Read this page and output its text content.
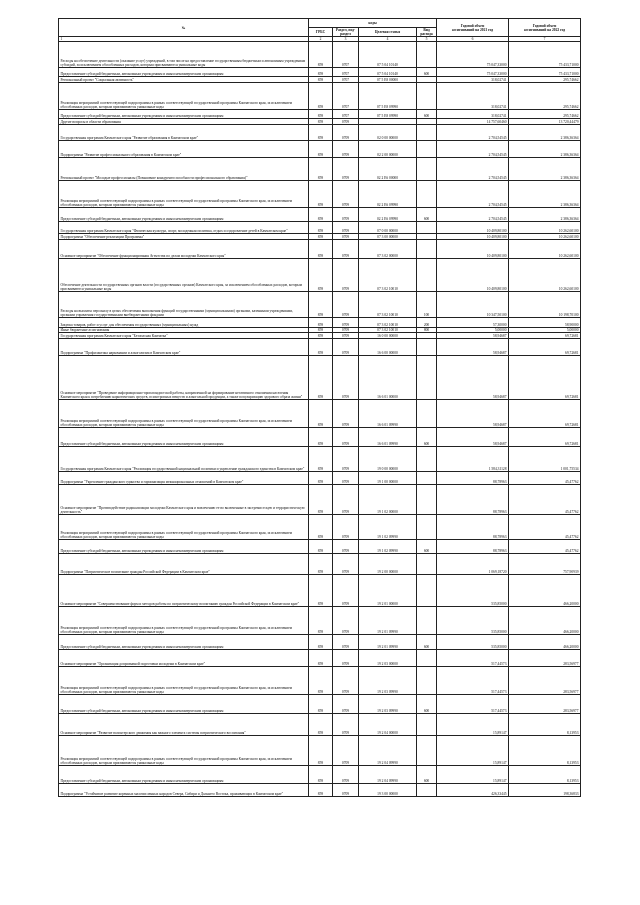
№	коды				Годовой объем
ассигнований на 2021 год	Годовой объем
ассигнований на 2022 год
	ГРБС	Раздел, под-
раздел	Целевая статья	Вид
расхода		
1	2	3	4	5	6	7
Расходы на обеспечение деятельности (оказание услуг) учреждений, в том числе на предоставление государственным бюджетным и автономным учреждениям субсидий, за исключением обособленных расходов, которым присваиваются уникальные коды	859	0707	07 5 04 10140		75 047,33000	75 433,71000
Предоставление субсидий бюджетным, автономным учреждениям и иным некоммерческим организациям	859	0707	07 5 04 10140	600	75 047,33000	75 433,71000
Региональный проект "Социальная активность"	859	0707	07 5 E8 00000		318,02741	295,74662
Реализация мероприятий соответствующей подпрограммы в рамках соответствующей государственной программы Камчатского края, за исключением обособленных расходов, которым присваиваются уникальные коды	859	0707	07 5 E8 09990		318,02741	295,74662
Предоставление субсидий бюджетным, автономным учреждениям и иным некоммерческим организациям	859	0707	07 5 E8 09990	600	318,02741	295,74662
Другие вопросы в области образования	859	0709			14 757,60460	13 720,44479
Государственная программа Камчатского края "Развитие образования в Камчатском крае"	859	0709	02 0 00 00000		2 704,54545	2 386,36364
Подпрограмма "Развитие профессионального образования в Камчатском крае"	859	0709	02 2 00 00000		2 704,54545	2 386,36364
Региональный проект "Молодые профессионалы (Повышение конкурентоспособности профессионального образования)"	859	0709	02 2 E6 00000		2 704,54545	2 386,36364
Реализация мероприятий соответствующей подпрограммы в рамках соответствующей государственной программы Камчатского края, за исключением обособленных расходов, которым присваиваются уникальные коды	859	0709	02 2 E6 09990		2 704,54545	2 386,36364
Предоставление субсидий бюджетным, автономным учреждениям и иным некоммерческим организациям	859	0709	02 2 E6 09990	600	2 704,54545	2 386,36364
Государственная программа Камчатского края "Физическая культура, спорт, молодежная политика, отдых и оздоровление детей в Камчатском крае"	859	0709	07 0 00 00000		10 409,80100	10 262,60100
Подпрограмма "Обеспечение реализации Программы"	859	0709	07 3 00 00000		10 409,80100	10 262,60100
Основное мероприятие "Обеспечение функционирования Агентства по делам молодежи Камчатского края"	859	0709	07 3 02 00000		10 409,80100	10 262,60100
Обеспечение деятельности государственных органов власти (государственных органов) Камчатского края, за исключением обособленных расходов, которым присваиваются уникальные коды	859	0709	07 3 02 10010		10 409,80100	10 262,60100
Расходы на выплаты персоналу в целях обеспечения выполнения функций государственными (муниципальными) органами, казенными учреждениями, органами управления государственными внебюджетными фондами	859	0709	07 3 02 10010	100	10 347,50100	10 198,70100
Закупка товаров, работ и услуг для обеспечения государственных (муниципальных) нужд	859	0709	07 3 02 10010	200	57,30000	58,90000
Иные бюджетные ассигнования	859	0709	07 3 02 10010	800	5,00000	5,00000
Государственная программа Камчатского края "Безопасная Камчатка"	859	0709	16 0 00 00000		58,94687	69,72681
Подпрограмма "Профилактика наркомании и алкоголизма в Камчатском крае"	859	0709	16 6 00 00000		58,94687	69,72681
Основное мероприятие "Проведение информационно-пропагандистской работы, направленной на формирование негативного отношения населения Камчатского края к потреблению наркотических средств, психотропных веществ и алкогольной продукции, а также популяризацию здорового образа жизни"	859	0709	16 6 01 00000		58,94687	69,72681
Реализация мероприятий соответствующей подпрограммы в рамках соответствующей государственной программы Камчатского края, за исключением обособленных расходов, которым присваиваются уникальные коды	859	0709	16 6 01 09990		58,94687	69,72681
Предоставление субсидий бюджетным, автономным учреждениям и иным некоммерческим организациям	859	0709	16 6 01 09990	600	58,94687	69,72681
Государственная программа Камчатского края "Реализация государственной национальной политики и укрепление гражданского единства в Камчатском крае"	859	0709	19 0 00 00000		1 584,31128	1 001,75534
Подпрограмма "Укрепление гражданского единства и гармонизация межнациональных отношений в Камчатском крае"	859	0709	19 1 00 00000		88,78963	45,47762
Основное мероприятие "Противодействие радикализации молодежи Камчатского края и вовлечению ее во включенные в экстремистскую и террористическую деятельность"	859	0709	19 1 02 00000		88,78963	45,47762
Реализация мероприятий соответствующей подпрограммы в рамках соответствующей государственной программы Камчатского края, за исключением обособленных расходов, которым присваиваются уникальные коды	859	0709	19 1 02 09990		88,78963	45,47762
Предоставление субсидий бюджетным, автономным учреждениям и иным некоммерческим организациям	859	0709	19 1 02 09990	600	88,78963	45,47762
Подпрограмма "Патриотическое воспитание граждан Российской Федерации в Камчатском крае"	859	0709	19 2 00 00000		1 069,18720	757,90939
Основное мероприятие "Совершенствование форм и методов работы по патриотическому воспитанию граждан Российской Федерации в Камчатском крае"	859	0709	19 2 01 00000		535,85000	466,20000
Реализация мероприятий соответствующей подпрограммы в рамках соответствующей государственной программы Камчатского края, за исключением обособленных расходов, которым присваиваются уникальные коды	859	0709	19 2 01 09990		535,85000	466,20000
Предоставление субсидий бюджетным, автономным учреждениям и иным некоммерческим организациям	859	0709	19 2 01 09990	600	535,85000	466,20000
Основное мероприятие "Организация допризывной подготовки молодежи в Камчатском крае"	859	0709	19 2 03 00000		517,44573	283,56977
Реализация мероприятий соответствующей подпрограммы в рамках соответствующей государственной программы Камчатского края, за исключением обособленных расходов, которым присваиваются уникальные коды	859	0709	19 2 03 09990		517,44573	283,56977
Предоставление субсидий бюджетным, автономным учреждениям и иным некоммерческим организациям	859	0709	19 2 03 09990	600	517,44573	283,56977
Основное мероприятие "Развитие волонтерского движения как важного элемента системы патриотического воспитания"	859	0709	19 2 04 00000		15,89147	8,13953
Реализация мероприятий соответствующей подпрограммы в рамках соответствующей государственной программы Камчатского края, за исключением обособленных расходов, которым присваиваются уникальные коды	859	0709	19 2 04 09990		15,89147	8,13953
Предоставление субсидий бюджетным, автономным учреждениям и иным некоммерческим организациям	859	0709	19 2 04 09990	600	15,89147	8,13953
Подпрограмма "Устойчивое развитие коренных малочисленных народов Севера, Сибири и Дальнего Востока, проживающих в Камчатском крае"	859	0709	19 3 00 00000		426,33445	198,36833
